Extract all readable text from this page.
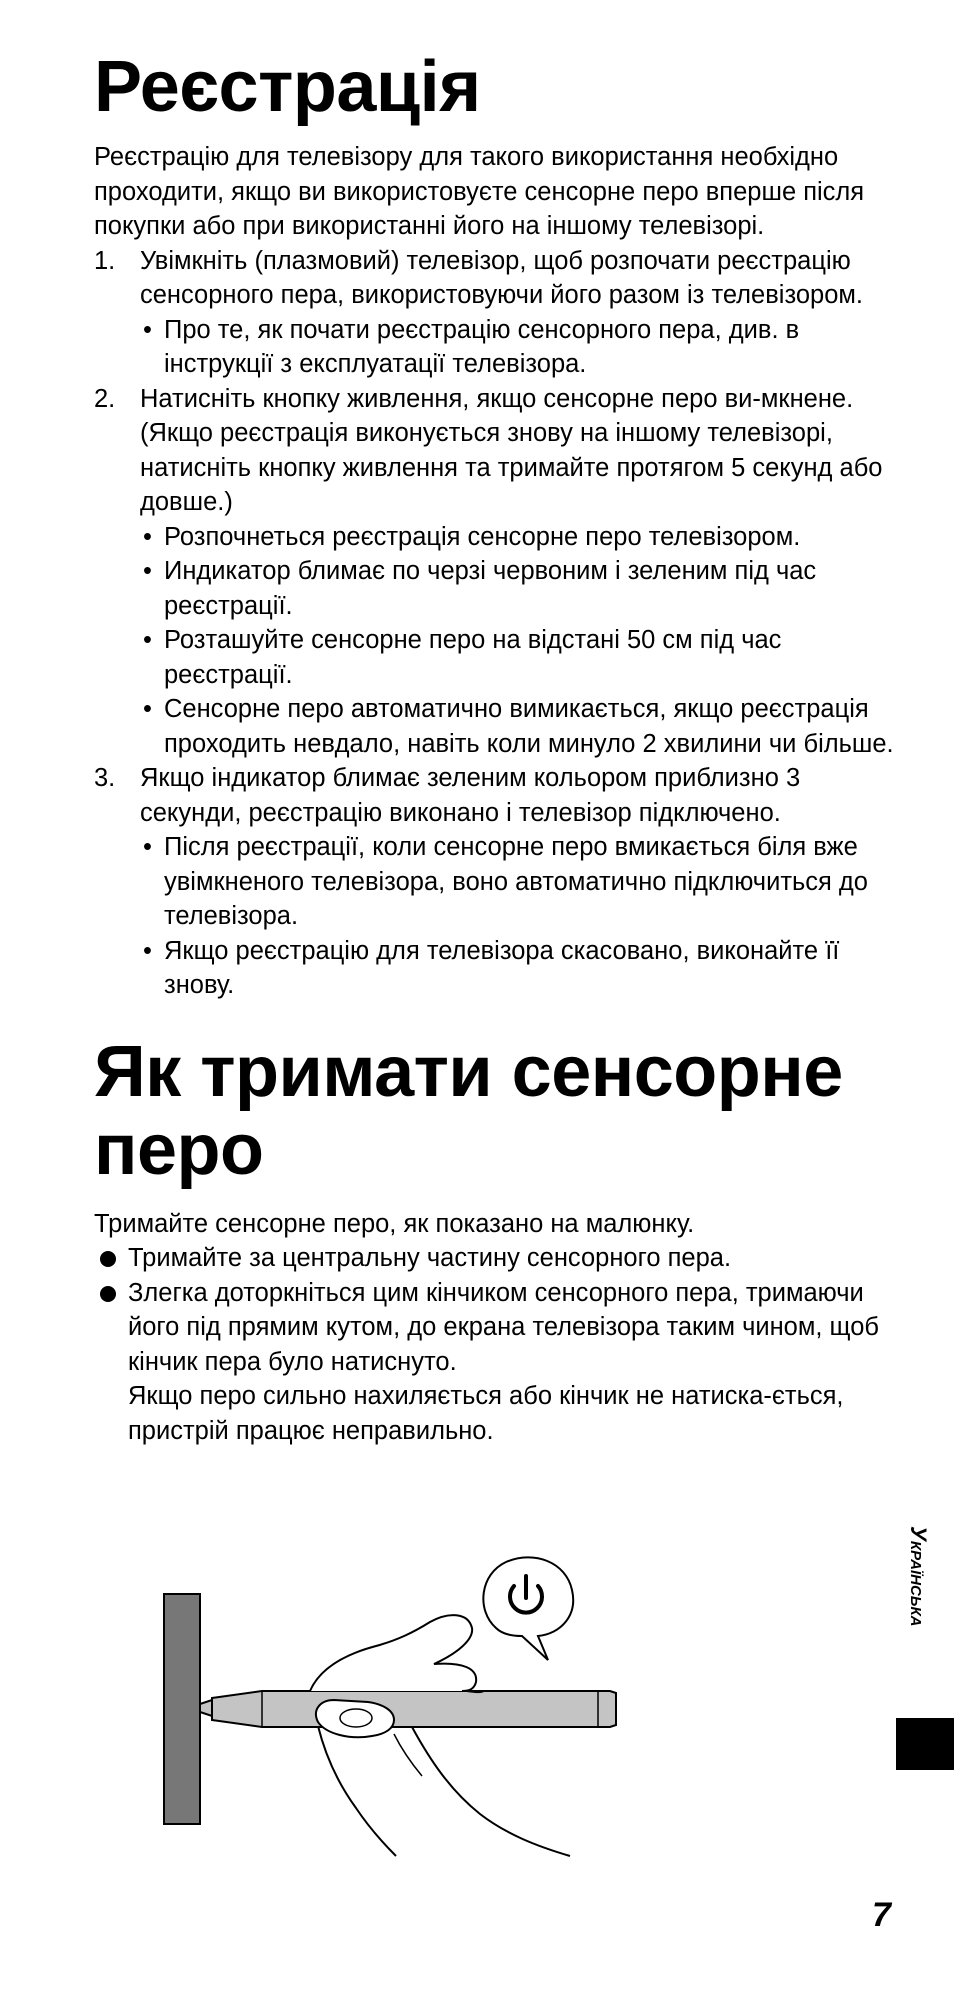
Реєстрація

Реєстрацію для телевізору для такого використання необхідно проходити, якщо ви використовуєте сенсорне перо вперше після покупки або при використанні його на іншому телевізорі.

1. Увімкніть (плазмовий) телевізор, щоб розпочати реєстрацію сенсорного пера, використовуючи його разом із телевізором.
• Про те, як почати реєстрацію сенсорного пера, див. в інструкції з експлуатації телевізора.
2. Натисніть кнопку живлення, якщо сенсорне перо ви-мкнене. (Якщо реєстрація виконується знову на іншому телевізорі, натисніть кнопку живлення та тримайте протягом 5 секунд або довше.)
• Розпочнеться реєстрація сенсорне перо телевізором.
• Индикатор блимає по черзі червоним і зеленим під час реєстрації.
• Розташуйте сенсорне перо на відстані 50 см під час реєстрації.
• Сенсорне перо автоматично вимикається, якщо реєстрація проходить невдало, навіть коли минуло 2 хвилини чи більше.
3. Якщо індикатор блимає зеленим кольором приблизно 3 секунди, реєстрацію виконано і телевізор підключено.
• Після реєстрації, коли сенсорне перо вмикається біля вже увімкненого телевізора, воно автоматично підключиться до телевізора.
• Якщо реєстрацію для телевізора скасовано, виконайте її знову.
Як тримати сенсорне
перо

Тримайте сенсорне перо, як показано на малюнку.

Тримайте за центральну частину сенсорного пера.
Злегка доторкніться цим кінчиком сенсорного пера, тримаючи його під прямим кутом, до екрана телевізора таким чином, щоб кінчик пера було натиснуто.
Якщо перо сильно нахиляється або кінчик не натиска-ється, пристрій працює неправильно.
Українська
7
